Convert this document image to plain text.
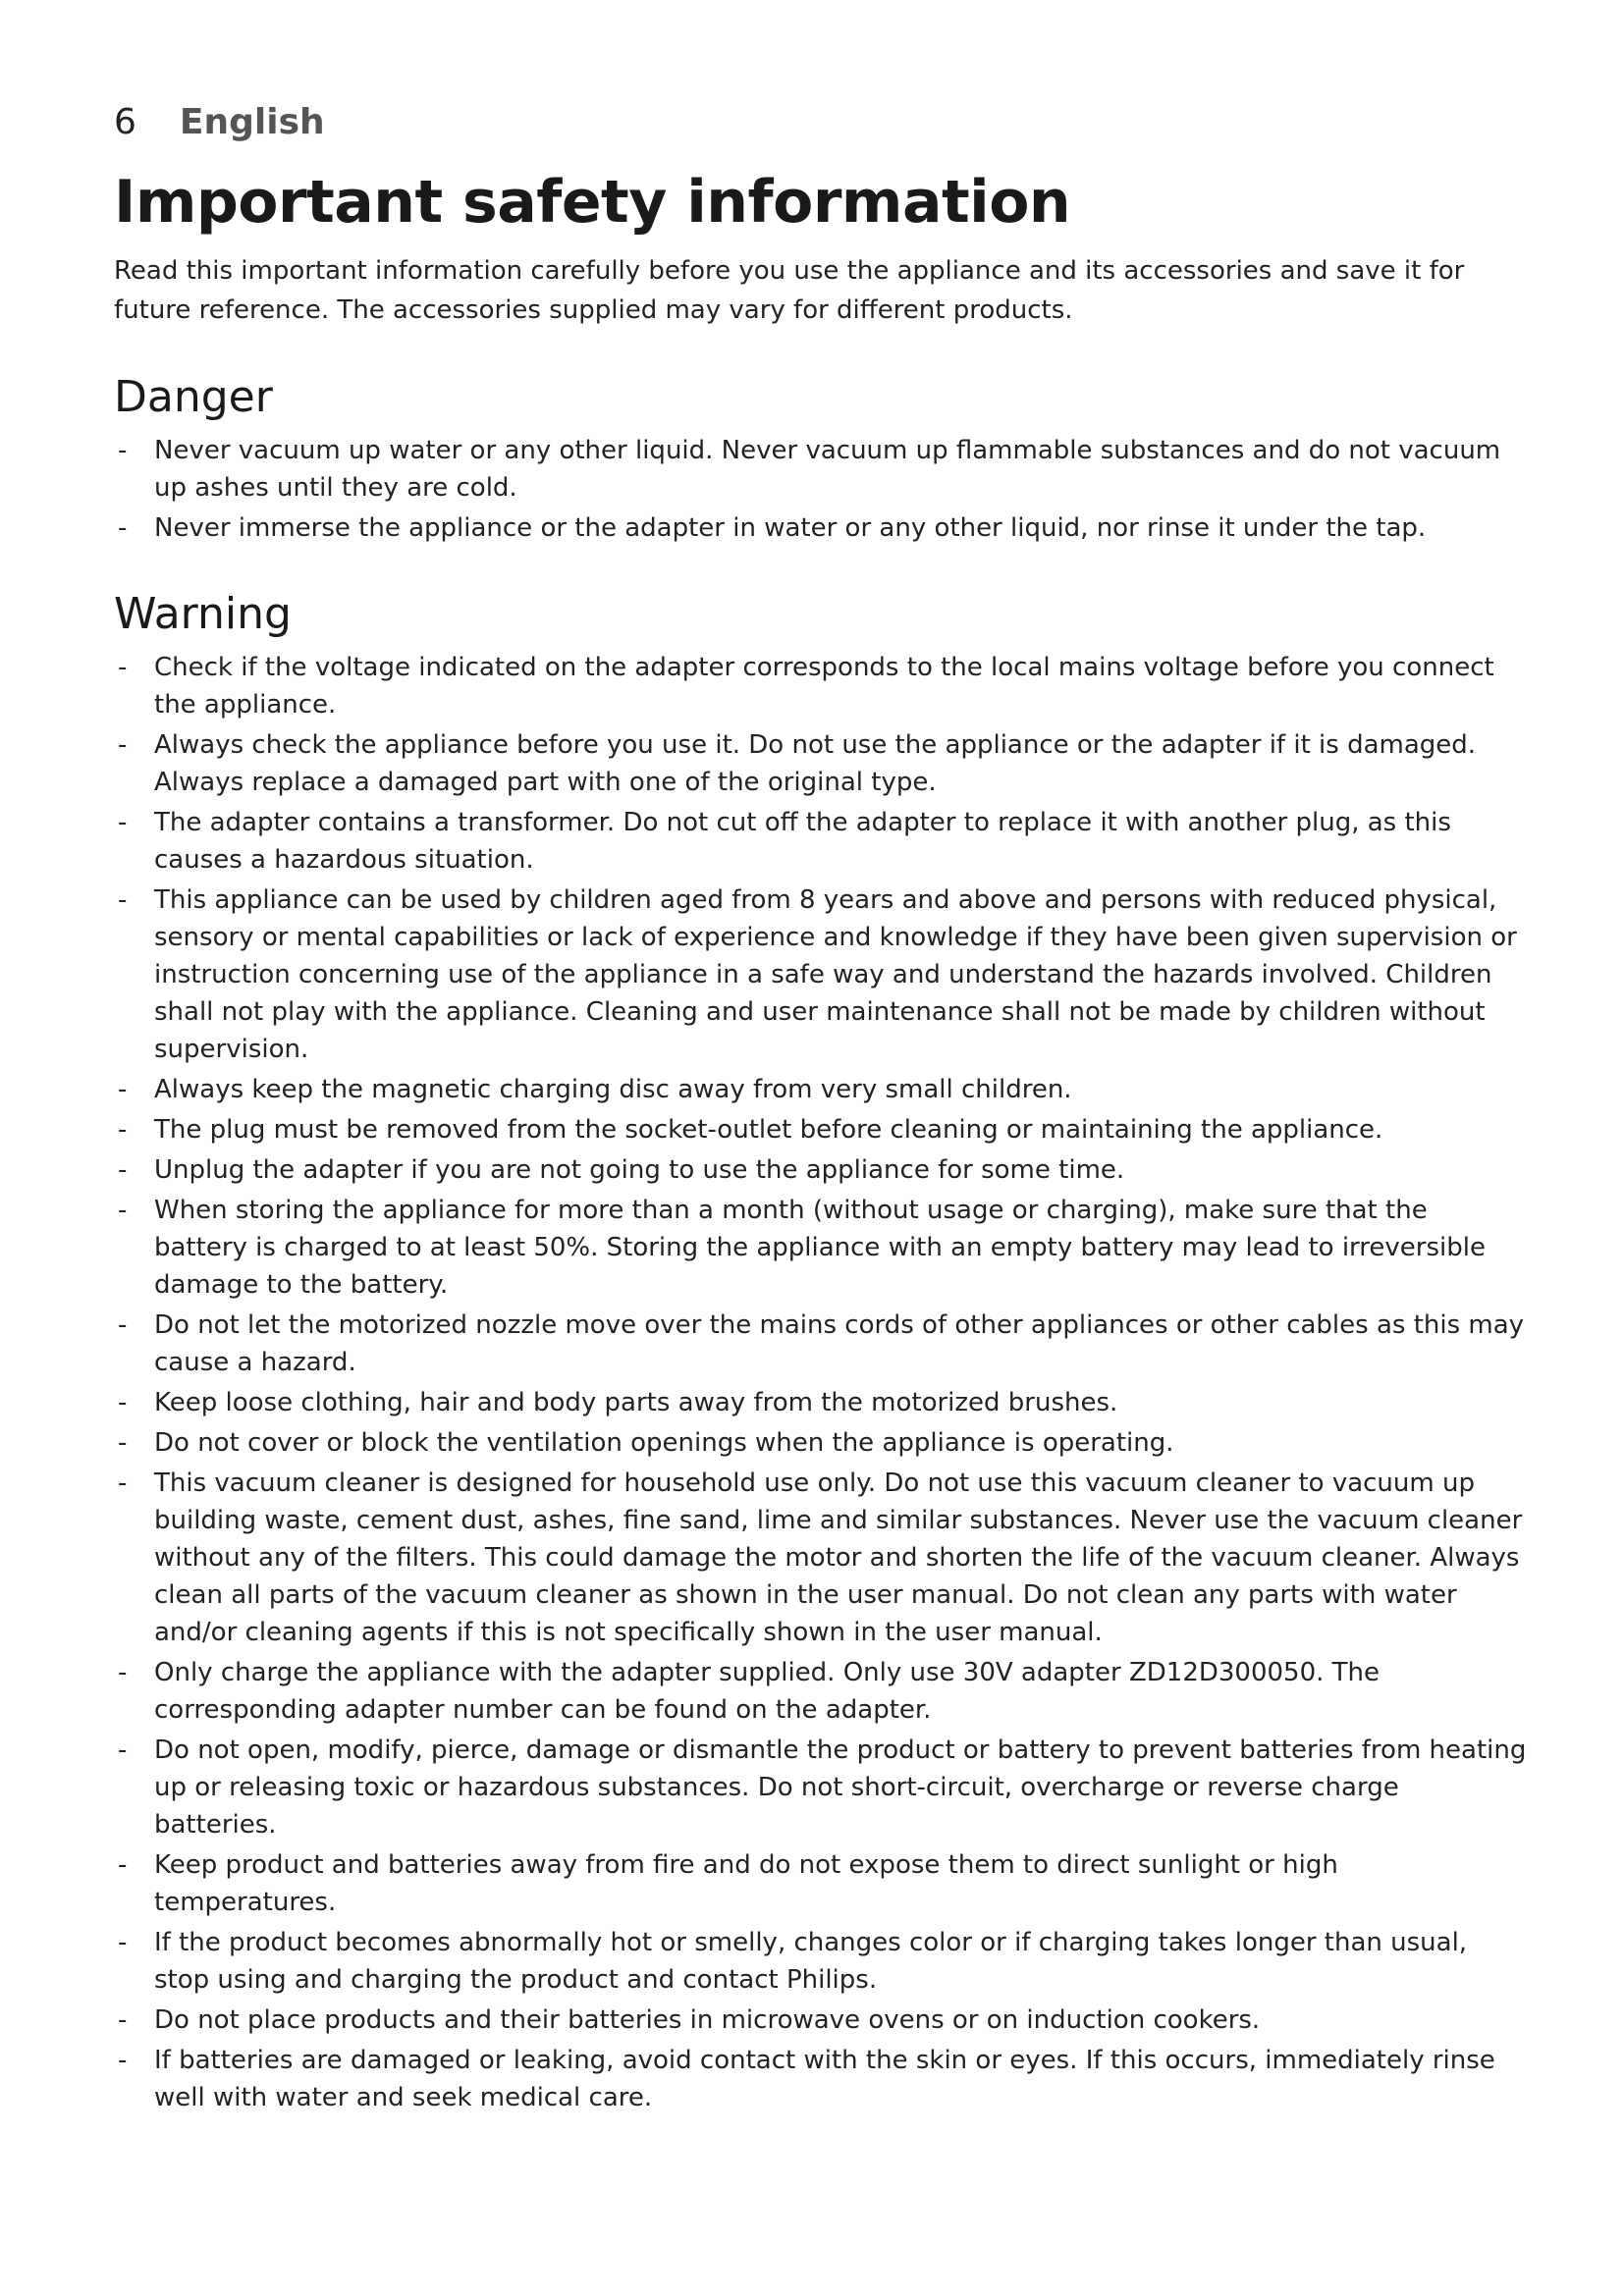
6 English
Important safety information

Read this important information carefully before you use the appliance and its accessories and save it for future reference. The accessories supplied may vary for different products.

Danger
- Never vacuum up water or any other liquid. Never vacuum up flammable substances and do not vacuum up ashes until they are cold.
- Never immerse the appliance or the adapter in water or any other liquid, nor rinse it under the tap.
Warning
- Check if the voltage indicated on the adapter corresponds to the local mains voltage before you connect the appliance.
- Always check the appliance before you use it. Do not use the appliance or the adapter if it is damaged. Always replace a damaged part with one of the original type.
- The adapter contains a transformer. Do not cut off the adapter to replace it with another plug, as this causes a hazardous situation.
- This appliance can be used by children aged from 8 years and above and persons with reduced physical, sensory or mental capabilities or lack of experience and knowledge if they have been given supervision or instruction concerning use of the appliance in a safe way and understand the hazards involved. Children shall not play with the appliance. Cleaning and user maintenance shall not be made by children without supervision.
- Always keep the magnetic charging disc away from very small children.
- The plug must be removed from the socket-outlet before cleaning or maintaining the appliance.
- Unplug the adapter if you are not going to use the appliance for some time.
- When storing the appliance for more than a month (without usage or charging), make sure that the battery is charged to at least 50%. Storing the appliance with an empty battery may lead to irreversible damage to the battery.
- Do not let the motorized nozzle move over the mains cords of other appliances or other cables as this may cause a hazard.
- Keep loose clothing, hair and body parts away from the motorized brushes.
- Do not cover or block the ventilation openings when the appliance is operating.
- This vacuum cleaner is designed for household use only. Do not use this vacuum cleaner to vacuum up building waste, cement dust, ashes, fine sand, lime and similar substances. Never use the vacuum cleaner without any of the filters. This could damage the motor and shorten the life of the vacuum cleaner. Always clean all parts of the vacuum cleaner as shown in the user manual. Do not clean any parts with water and/or cleaning agents if this is not specifically shown in the user manual.
- Only charge the appliance with the adapter supplied. Only use 30V adapter ZD12D300050. The corresponding adapter number can be found on the adapter.
- Do not open, modify, pierce, damage or dismantle the product or battery to prevent batteries from heating up or releasing toxic or hazardous substances. Do not short-circuit, overcharge or reverse charge batteries.
- Keep product and batteries away from fire and do not expose them to direct sunlight or high temperatures.
- If the product becomes abnormally hot or smelly, changes color or if charging takes longer than usual, stop using and charging the product and contact Philips.
- Do not place products and their batteries in microwave ovens or on induction cookers.
- If batteries are damaged or leaking, avoid contact with the skin or eyes. If this occurs, immediately rinse well with water and seek medical care.
